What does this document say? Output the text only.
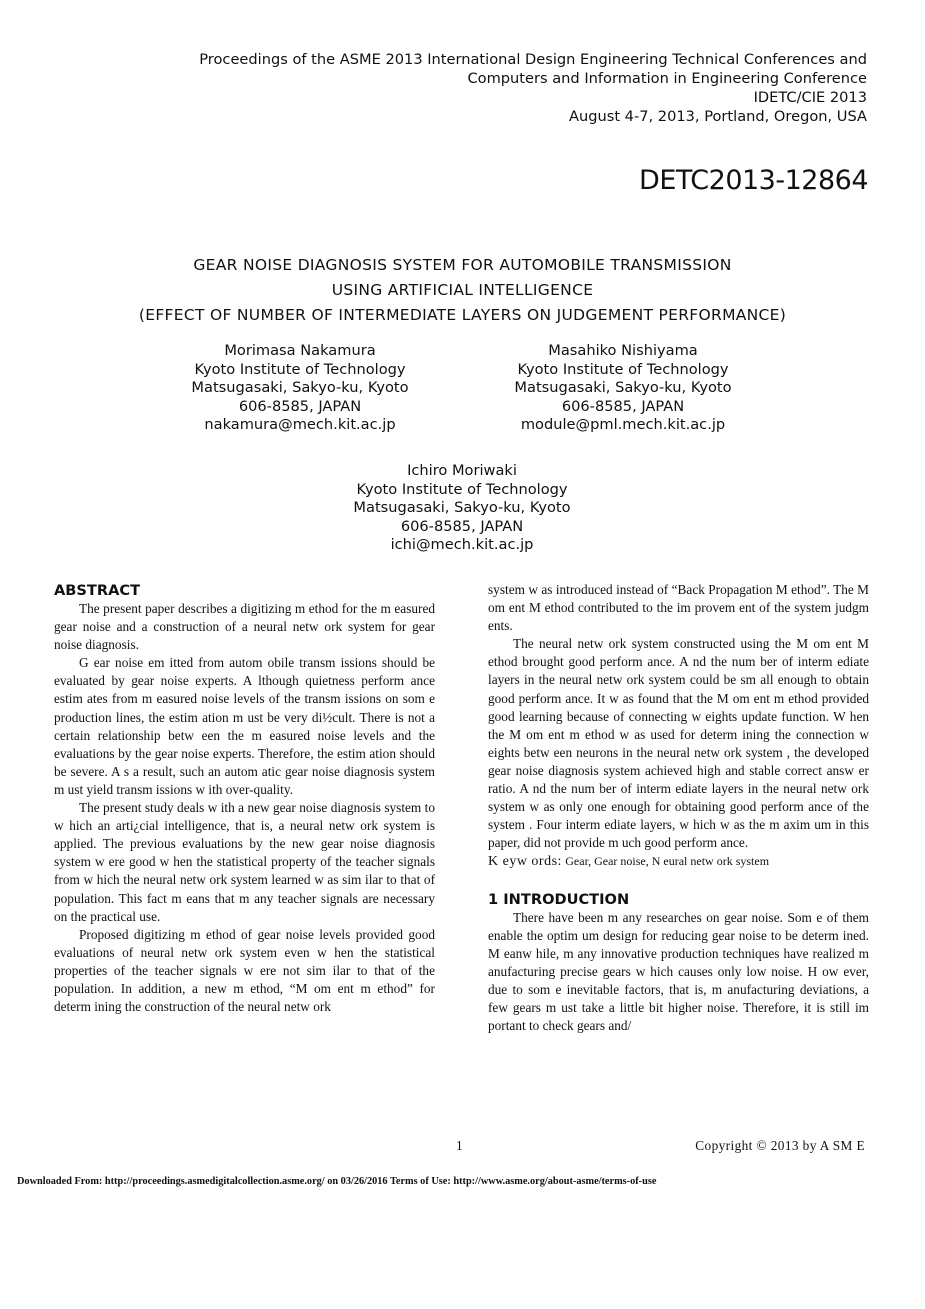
Proceedings of the ASME 2013 International Design Engineering Technical Conferences and
Computers and Information in Engineering Conference
IDETC/CIE 2013
August 4-7, 2013, Portland, Oregon, USA
DETC2013-12864
GEAR NOISE DIAGNOSIS SYSTEM FOR AUTOMOBILE TRANSMISSION
USING ARTIFICIAL INTELLIGENCE
(EFFECT OF NUMBER OF INTERMEDIATE LAYERS ON JUDGEMENT PERFORMANCE)
Morimasa Nakamura
Kyoto Institute of Technology
Matsugasaki, Sakyo-ku, Kyoto
606-8585, JAPAN
nakamura@mech.kit.ac.jp
Masahiko Nishiyama
Kyoto Institute of Technology
Matsugasaki, Sakyo-ku, Kyoto
606-8585, JAPAN
module@pml.mech.kit.ac.jp
Ichiro Moriwaki
Kyoto Institute of Technology
Matsugasaki, Sakyo-ku, Kyoto
606-8585, JAPAN
ichi@mech.kit.ac.jp
ABSTRACT

The present paper describes a digitizing m ethod for the m easured gear noise and a construction of a neural netw ork system for gear noise diagnosis.

G ear noise em itted from autom obile transm issions should be evaluated by gear noise experts. A lthough quietness perform ance estim ates from m easured noise levels of the transm issions on som e production lines, the estim ation m ust be very di½cult. There is not a certain relationship betw een the m easured noise levels and the evaluations by the gear noise experts. Therefore, the estim ation should be severe. A s a result, such an autom atic gear noise diagnosis system m ust yield transm issions w ith over-quality.

The present study deals w ith a new gear noise diagnosis system to w hich an arti¿cial intelligence, that is, a neural netw ork system is applied. The previous evaluations by the new gear noise diagnosis system w ere good w hen the statistical property of the teacher signals from w hich the neural netw ork system learned w as sim ilar to that of population. This fact m eans that m any teacher signals are necessary on the practical use.

Proposed digitizing m ethod of gear noise levels provided good evaluations of neural netw ork system even w hen the statistical properties of the teacher signals w ere not sim ilar to that of the population. In addition, a new m ethod, “M om ent m ethod” for determ ining the construction of the neural netw ork

system w as introduced instead of “Back Propagation M ethod”. The M om ent M ethod contributed to the im provem ent of the system judgm ents.

The neural netw ork system constructed using the M om ent M ethod brought good perform ance. A nd the num ber of interm ediate layers in the neural netw ork system could be sm all enough to obtain good perform ance. It w as found that the M om ent m ethod provided good learning because of connecting w eights update function. W hen the M om ent m ethod w as used for determ ining the connection w eights betw een neurons in the neural netw ork system , the developed gear noise diagnosis system achieved high and stable correct answ er ratio. A nd the num ber of interm ediate layers in the neural netw ork system w as only one enough for obtaining good perform ance of the system . Four interm ediate layers, w hich w as the m axim um in this paper, did not provide m uch good perform ance.

K eyw ords: Gear, Gear noise, N eural netw ork system

1 INTRODUCTION

There have been m any researches on gear noise. Som e of them enable the optim um design for reducing gear noise to be determ ined. M eanw hile, m any innovative production techniques have realized m anufacturing precise gears w hich causes only low noise. H ow ever, due to som e inevitable factors, that is, m anufacturing deviations, a few gears m ust take a little bit higher noise. Therefore, it is still im portant to check gears and/

1	Copyright © 2013 by A SM E
Downloaded From: http://proceedings.asmedigitalcollection.asme.org/ on 03/26/2016 Terms of Use: http://www.asme.org/about-asme/terms-of-use
